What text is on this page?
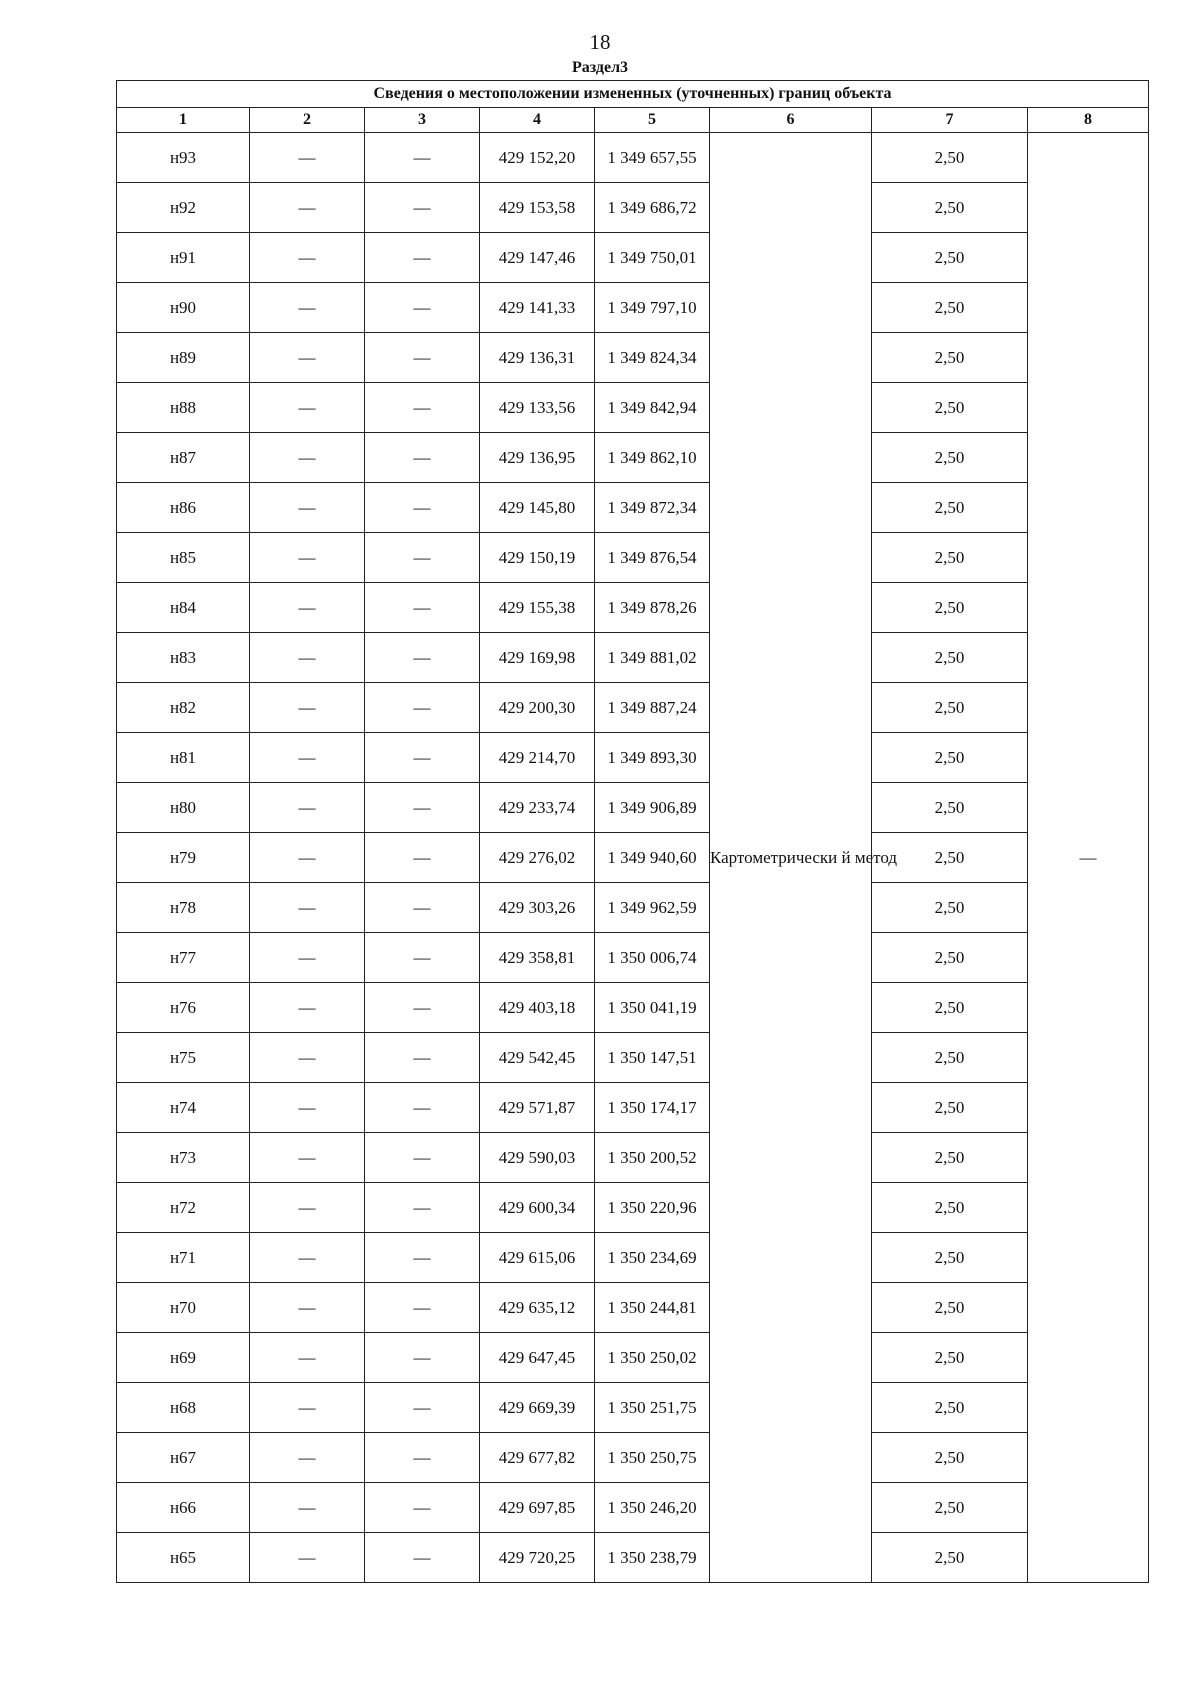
18
Раздел3
Сведения о местоположении измененных (уточненных) границ объекта							
1	2	3	4	5	6	7	8
н93	—	—	429 152,20	1 349 657,55	Картометрически й метод	2,50	—
н92	—	—	429 153,58	1 349 686,72		2,50	
н91	—	—	429 147,46	1 349 750,01		2,50	
н90	—	—	429 141,33	1 349 797,10		2,50	
н89	—	—	429 136,31	1 349 824,34		2,50	
н88	—	—	429 133,56	1 349 842,94		2,50	
н87	—	—	429 136,95	1 349 862,10		2,50	
н86	—	—	429 145,80	1 349 872,34		2,50	
н85	—	—	429 150,19	1 349 876,54		2,50	
н84	—	—	429 155,38	1 349 878,26		2,50	
н83	—	—	429 169,98	1 349 881,02		2,50	
н82	—	—	429 200,30	1 349 887,24		2,50	
н81	—	—	429 214,70	1 349 893,30		2,50	
н80	—	—	429 233,74	1 349 906,89		2,50	
н79	—	—	429 276,02	1 349 940,60		2,50	
н78	—	—	429 303,26	1 349 962,59		2,50	
н77	—	—	429 358,81	1 350 006,74		2,50	
н76	—	—	429 403,18	1 350 041,19		2,50	
н75	—	—	429 542,45	1 350 147,51		2,50	
н74	—	—	429 571,87	1 350 174,17		2,50	
н73	—	—	429 590,03	1 350 200,52		2,50	
н72	—	—	429 600,34	1 350 220,96		2,50	
н71	—	—	429 615,06	1 350 234,69		2,50	
н70	—	—	429 635,12	1 350 244,81		2,50	
н69	—	—	429 647,45	1 350 250,02		2,50	
н68	—	—	429 669,39	1 350 251,75		2,50	
н67	—	—	429 677,82	1 350 250,75		2,50	
н66	—	—	429 697,85	1 350 246,20		2,50	
н65	—	—	429 720,25	1 350 238,79		2,50	
